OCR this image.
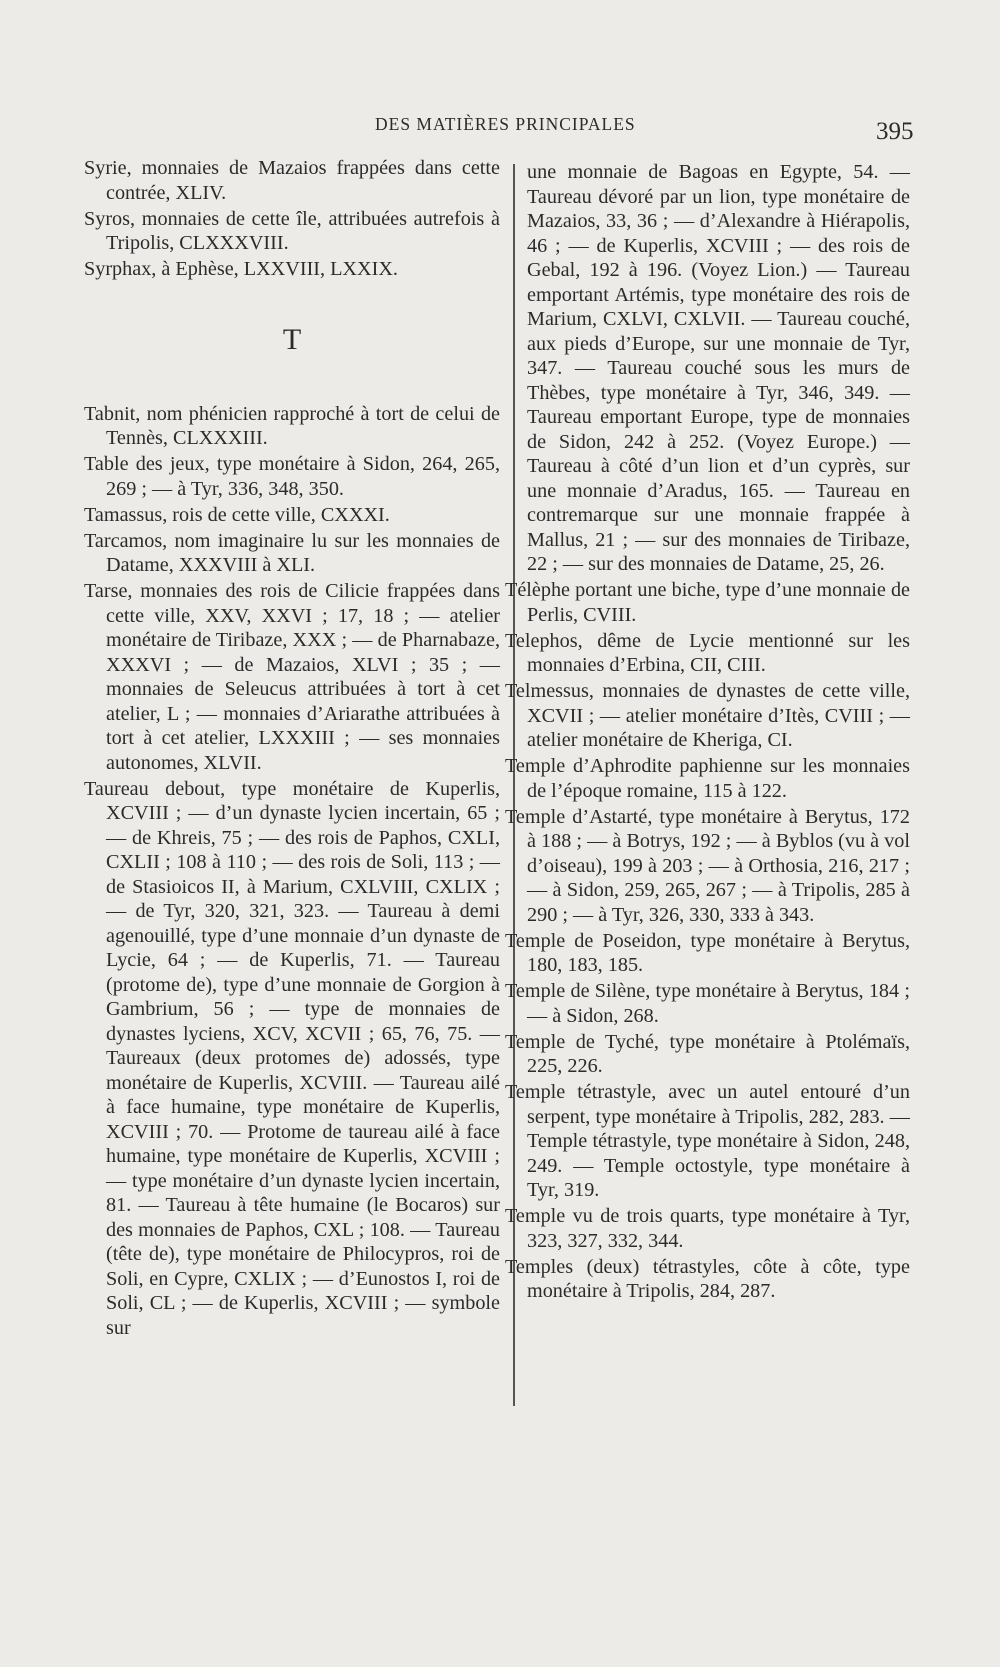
DES MATIÈRES PRINCIPALES	395

Syrie, monnaies de Mazaios frappées dans cette contrée, XLIV.

Syros, monnaies de cette île, attribuées autrefois à Tripolis, CLXXXVIII.

Syrphax, à Ephèse, LXXVIII, LXXIX.

T

Tabnit, nom phénicien rapproché à tort de celui de Tennès, CLXXXIII.

Table des jeux, type monétaire à Sidon, 264, 265, 269 ; — à Tyr, 336, 348, 350.

Tamassus, rois de cette ville, CXXXI.

Tarcamos, nom imaginaire lu sur les monnaies de Datame, XXXVIII à XLI.

Tarse, monnaies des rois de Cilicie frappées dans cette ville, XXV, XXVI ; 17, 18 ; — atelier monétaire de Tiribaze, XXX ; — de Pharnabaze, XXXVI ; — de Mazaios, XLVI ; 35 ; — monnaies de Seleucus attribuées à tort à cet atelier, L ; — monnaies d’Ariarathe attribuées à tort à cet atelier, LXXXIII ; — ses monnaies autonomes, XLVII.

Taureau debout, type monétaire de Kuperlis, XCVIII ; — d’un dynaste lycien incertain, 65 ; — de Khreis, 75 ; — des rois de Paphos, CXLI, CXLII ; 108 à 110 ; — des rois de Soli, 113 ; — de Stasioicos II, à Marium, CXLVIII, CXLIX ; — de Tyr, 320, 321, 323. — Taureau à demi agenouillé, type d’une monnaie d’un dynaste de Lycie, 64 ; — de Kuperlis, 71. — Taureau (protome de), type d’une monnaie de Gorgion à Gambrium, 56 ; — type de monnaies de dynastes lyciens, XCV, XCVII ; 65, 76, 75. — Taureaux (deux protomes de) adossés, type monétaire de Kuperlis, XCVIII. — Taureau ailé à face humaine, type monétaire de Kuperlis, XCVIII ; 70. — Protome de taureau ailé à face humaine, type monétaire de Kuperlis, XCVIII ; — type monétaire d’un dynaste lycien incertain, 81. — Taureau à tête humaine (le Bocaros) sur des monnaies de Paphos, CXL ; 108. — Taureau (tête de), type monétaire de Philocypros, roi de Soli, en Cypre, CXLIX ; — d’Eunostos I, roi de Soli, CL ; — de Kuperlis, XCVIII ; — symbole sur

une monnaie de Bagoas en Egypte, 54. — Taureau dévoré par un lion, type monétaire de Mazaios, 33, 36 ; — d’Alexandre à Hiérapolis, 46 ; — de Kuperlis, XCVIII ; — des rois de Gebal, 192 à 196. (Voyez Lion.) — Taureau emportant Artémis, type monétaire des rois de Marium, CXLVI, CXLVII. — Taureau couché, aux pieds d’Europe, sur une monnaie de Tyr, 347. — Taureau couché sous les murs de Thèbes, type monétaire à Tyr, 346, 349. — Taureau emportant Europe, type de monnaies de Sidon, 242 à 252. (Voyez Europe.) — Taureau à côté d’un lion et d’un cyprès, sur une monnaie d’Aradus, 165. — Taureau en contremarque sur une monnaie frappée à Mallus, 21 ; — sur des monnaies de Tiribaze, 22 ; — sur des monnaies de Datame, 25, 26.

Télèphe portant une biche, type d’une monnaie de Perlis, CVIII.

Telephos, dême de Lycie mentionné sur les monnaies d’Erbina, CII, CIII.

Telmessus, monnaies de dynastes de cette ville, XCVII ; — atelier monétaire d’Itès, CVIII ; — atelier monétaire de Kheriga, CI.

Temple d’Aphrodite paphienne sur les monnaies de l’époque romaine, 115 à 122.

Temple d’Astarté, type monétaire à Berytus, 172 à 188 ; — à Botrys, 192 ; — à Byblos (vu à vol d’oiseau), 199 à 203 ; — à Orthosia, 216, 217 ; — à Sidon, 259, 265, 267 ; — à Tripolis, 285 à 290 ; — à Tyr, 326, 330, 333 à 343.

Temple de Poseidon, type monétaire à Berytus, 180, 183, 185.

Temple de Silène, type monétaire à Berytus, 184 ; — à Sidon, 268.

Temple de Tyché, type monétaire à Ptolémaïs, 225, 226.

Temple tétrastyle, avec un autel entouré d’un serpent, type monétaire à Tripolis, 282, 283. — Temple tétrastyle, type monétaire à Sidon, 248, 249. — Temple octostyle, type monétaire à Tyr, 319.

Temple vu de trois quarts, type monétaire à Tyr, 323, 327, 332, 344.

Temples (deux) tétrastyles, côte à côte, type monétaire à Tripolis, 284, 287.
